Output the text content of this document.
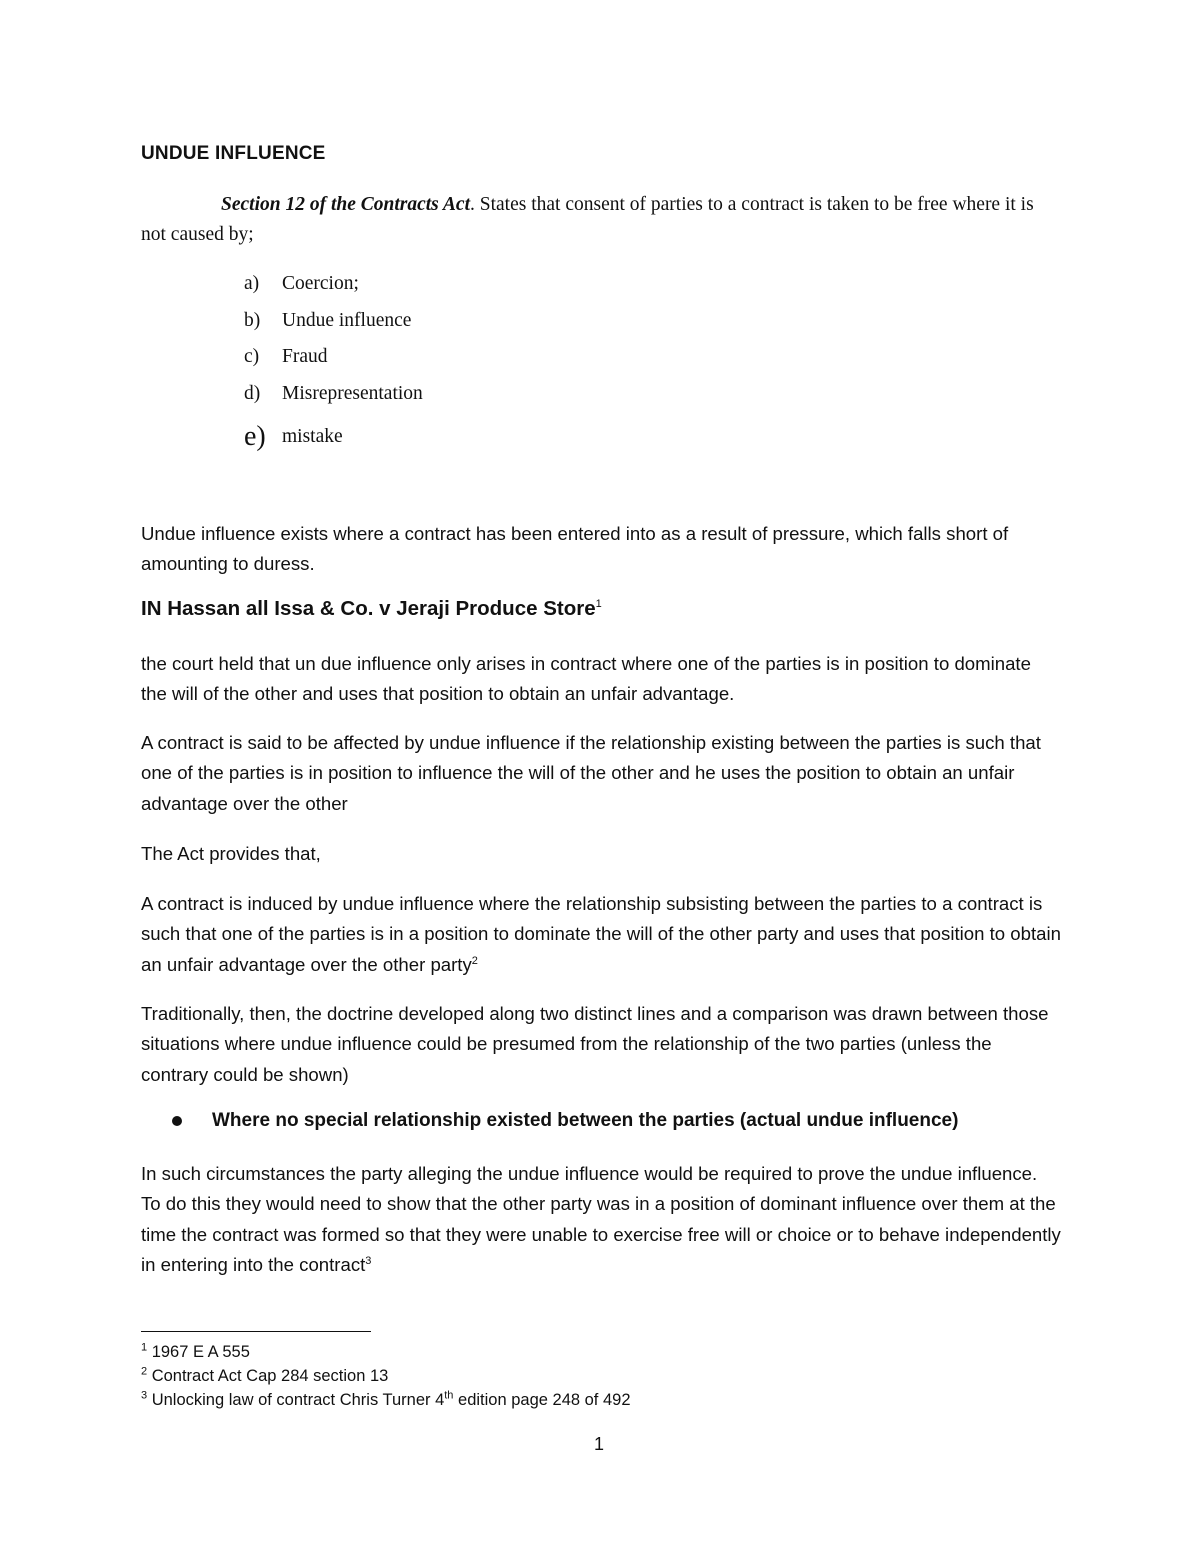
UNDUE INFLUENCE

Section 12 of the Contracts Act. States that consent of parties to a contract is taken to be free where it is not caused by;

a)	Coercion;
b)	Undue influence
c)	Fraud
d)	Misrepresentation
e) mistake

Undue influence exists where a contract has been entered into as a result of pressure, which falls short of amounting to duress.

IN Hassan all Issa & Co. v Jeraji Produce Store$^1$

the court held that un due influence only arises in contract where one of the parties is in position to dominate the will of the other and uses that position to obtain an unfair advantage.

A contract is said to be affected by undue influence if the relationship existing between the parties is such that one of the parties is in position to influence the will of the other and he uses the position to obtain an unfair advantage over the other

The Act provides that,

A contract is induced by undue influence where the relationship subsisting between the parties to a contract is such that one of the parties is in a position to dominate the will of the other party and uses that position to obtain an unfair advantage over the other party$^2$

Traditionally, then, the doctrine developed along two distinct lines and a comparison was drawn between those situations where undue influence could be presumed from the relationship of the two parties (unless the contrary could be shown)

Where no special relationship existed between the parties (actual undue influence)

In such circumstances the party alleging the undue influence would be required to prove the undue influence. To do this they would need to show that the other party was in a position of dominant influence over them at the time the contract was formed so that they were unable to exercise free will or choice or to behave independently in entering into the contract$^3$

$^1$ 1967 E A 555
$^2$ Contract Act Cap 284 section 13
$^3$ Unlocking law of contract Chris Turner 4th edition page 248 of 492
1
